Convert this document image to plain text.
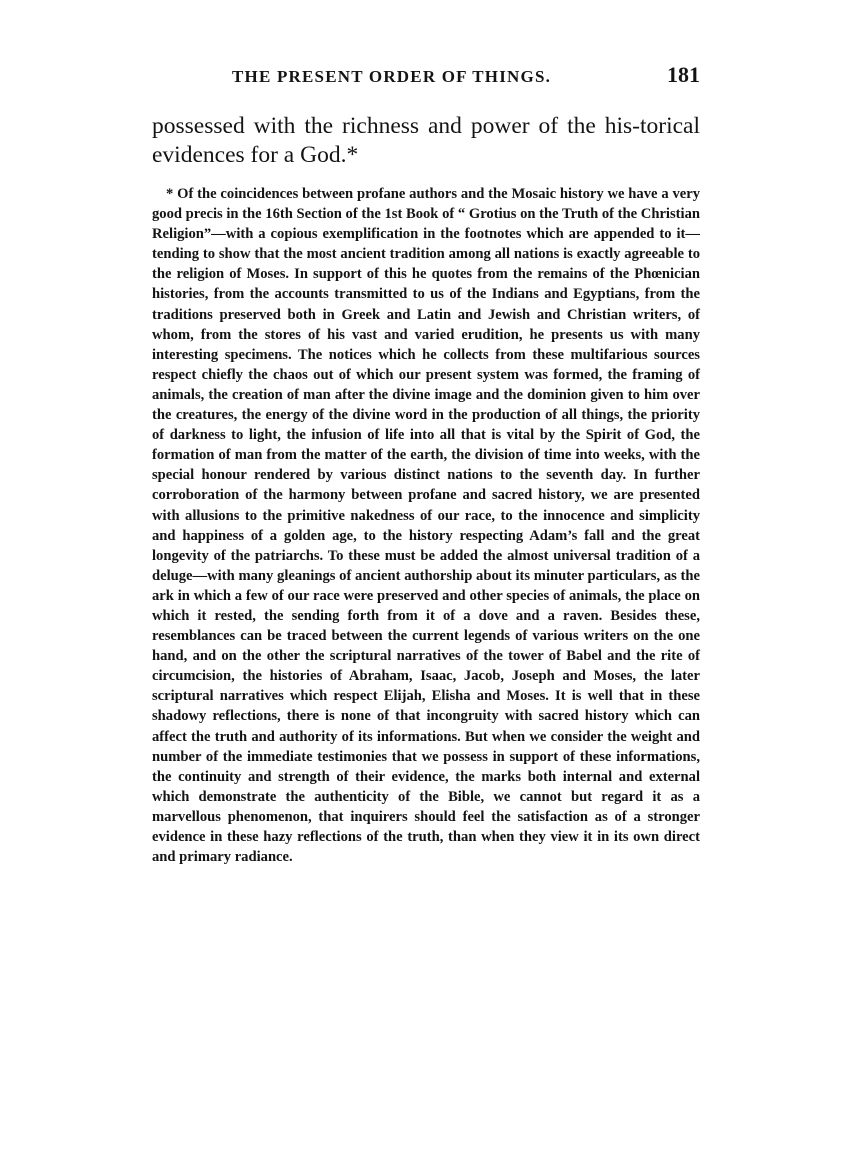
THE PRESENT ORDER OF THINGS.	181

possessed with the richness and power of the his-torical evidences for a God.*

* Of the coincidences between profane authors and the Mosaic history we have a very good precis in the 16th Section of the 1st Book of “ Grotius on the Truth of the Christian Religion”—with a copious exemplification in the footnotes which are appended to it—tending to show that the most ancient tradition among all nations is exactly agreeable to the religion of Moses. In support of this he quotes from the remains of the Phœnician histories, from the accounts transmitted to us of the Indians and Egyptians, from the traditions preserved both in Greek and Latin and Jewish and Christian writers, of whom, from the stores of his vast and varied erudition, he presents us with many interesting specimens. The notices which he collects from these multifarious sources respect chiefly the chaos out of which our present system was formed, the framing of animals, the creation of man after the divine image and the dominion given to him over the creatures, the energy of the divine word in the production of all things, the priority of darkness to light, the infusion of life into all that is vital by the Spirit of God, the formation of man from the matter of the earth, the division of time into weeks, with the special honour rendered by various distinct nations to the seventh day. In further corroboration of the harmony between profane and sacred history, we are presented with allusions to the primitive nakedness of our race, to the innocence and simplicity and happiness of a golden age, to the history respecting Adam’s fall and the great longevity of the patriarchs. To these must be added the almost universal tradition of a deluge—with many gleanings of ancient authorship about its minuter particulars, as the ark in which a few of our race were preserved and other species of animals, the place on which it rested, the sending forth from it of a dove and a raven. Besides these, resemblances can be traced between the current legends of various writers on the one hand, and on the other the scriptural narratives of the tower of Babel and the rite of circumcision, the histories of Abraham, Isaac, Jacob, Joseph and Moses, the later scriptural narratives which respect Elijah, Elisha and Moses. It is well that in these shadowy reflections, there is none of that incongruity with sacred history which can affect the truth and authority of its informations. But when we consider the weight and number of the immediate testimonies that we possess in support of these informations, the continuity and strength of their evidence, the marks both internal and external which demonstrate the authenticity of the Bible, we cannot but regard it as a marvellous phenomenon, that inquirers should feel the satisfaction as of a stronger evidence in these hazy reflections of the truth, than when they view it in its own direct and primary radiance.
